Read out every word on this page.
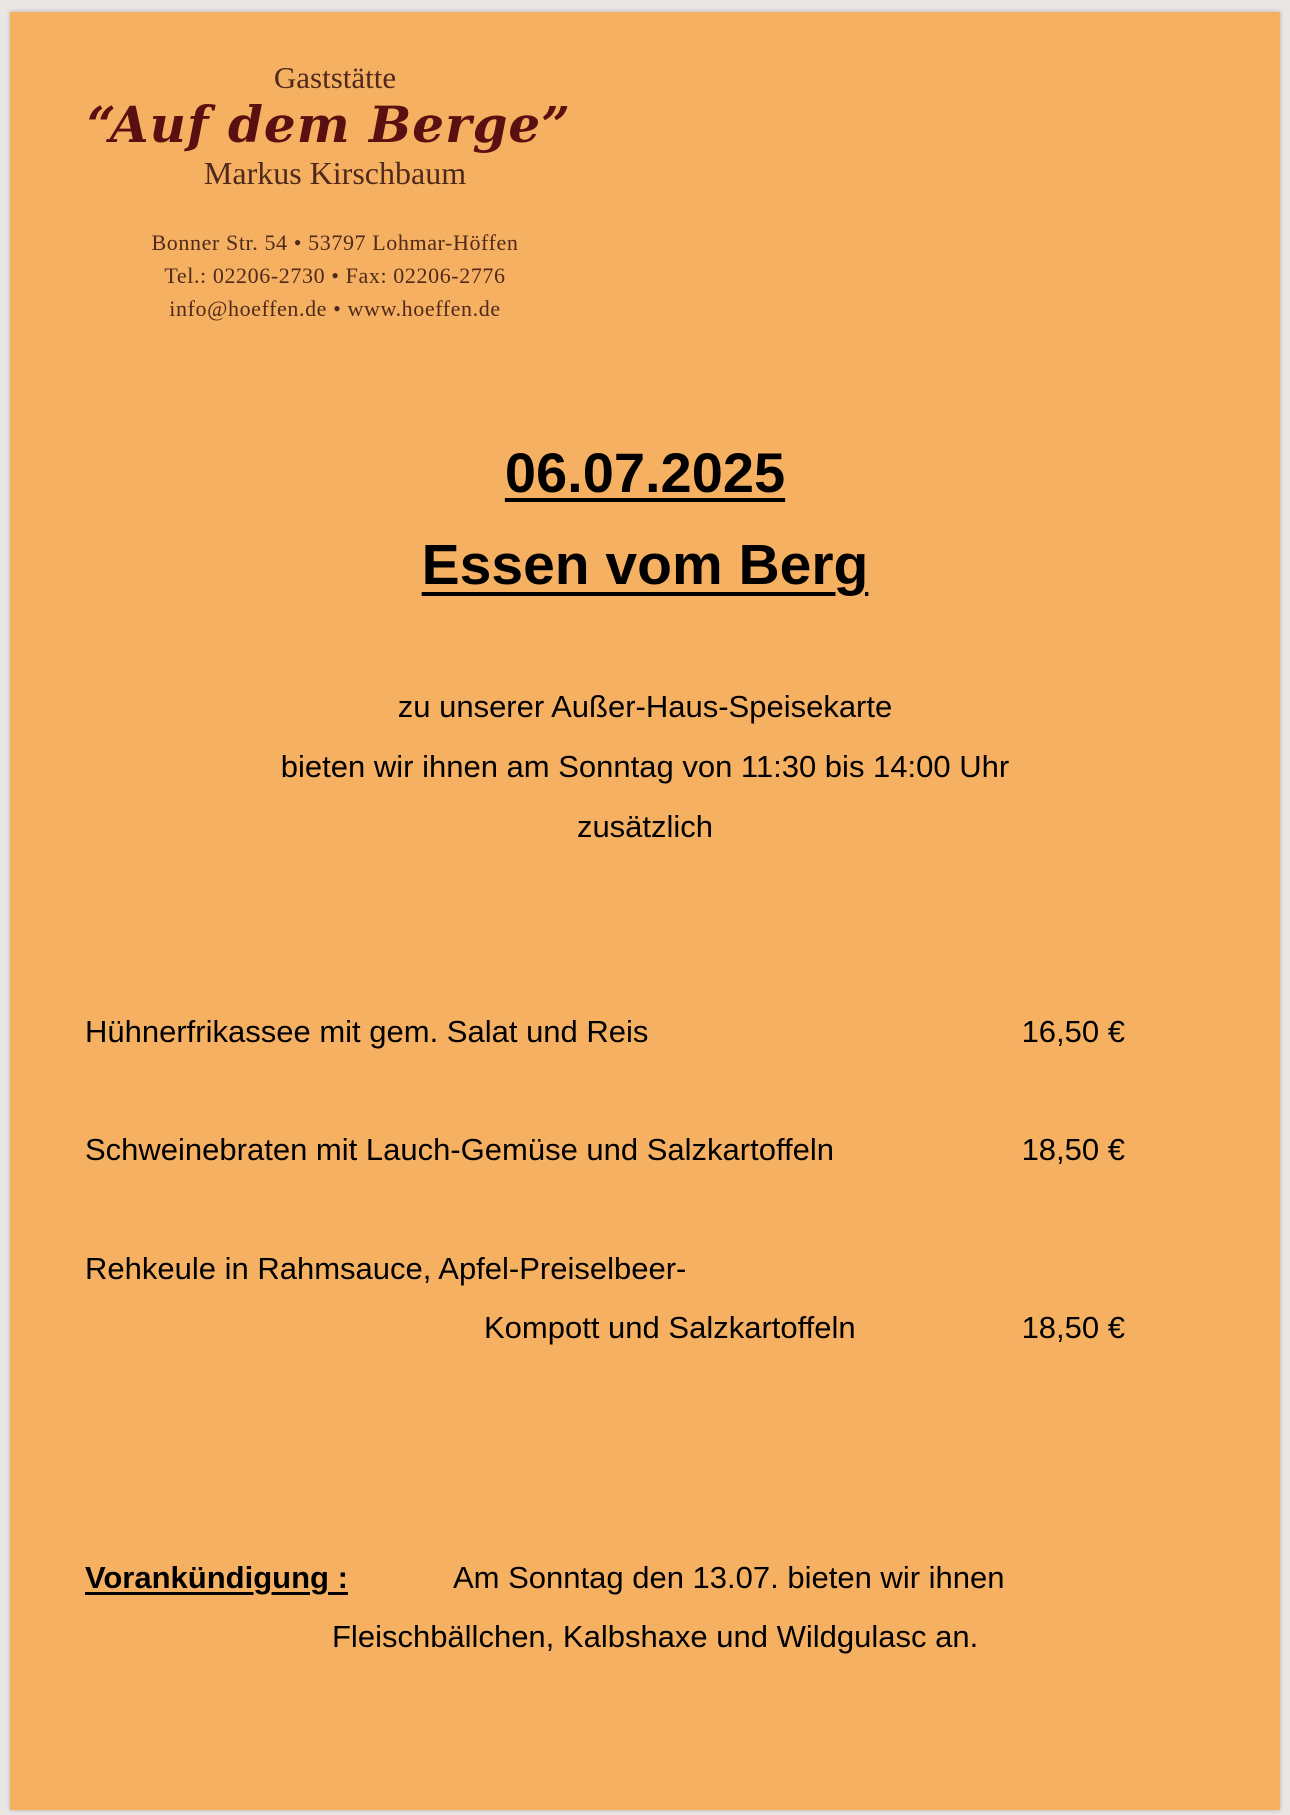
Gaststätte
“Auf dem Berge”
Markus Kirschbaum
Bonner Str. 54 • 53797 Lohmar-Höffen
Tel.: 02206-2730 • Fax: 02206-2776
info@hoeffen.de • www.hoeffen.de
06.07.2025
Essen vom Berg
zu unserer Außer-Haus-Speisekarte
bieten wir ihnen am Sonntag von 11:30 bis 14:00 Uhr
zusätzlich
Hühnerfrikassee mit gem. Salat und Reis	16,50 €
Schweinebraten mit Lauch-Gemüse und Salzkartoffeln	18,50 €
Rehkeule in Rahmsauce, Apfel-Preiselbeer-
Kompott und Salzkartoffeln	18,50 €
Vorankündigung :	Am Sonntag den 13.07. bieten wir ihnen
Fleischbällchen, Kalbshaxe und Wildgulasc an.
